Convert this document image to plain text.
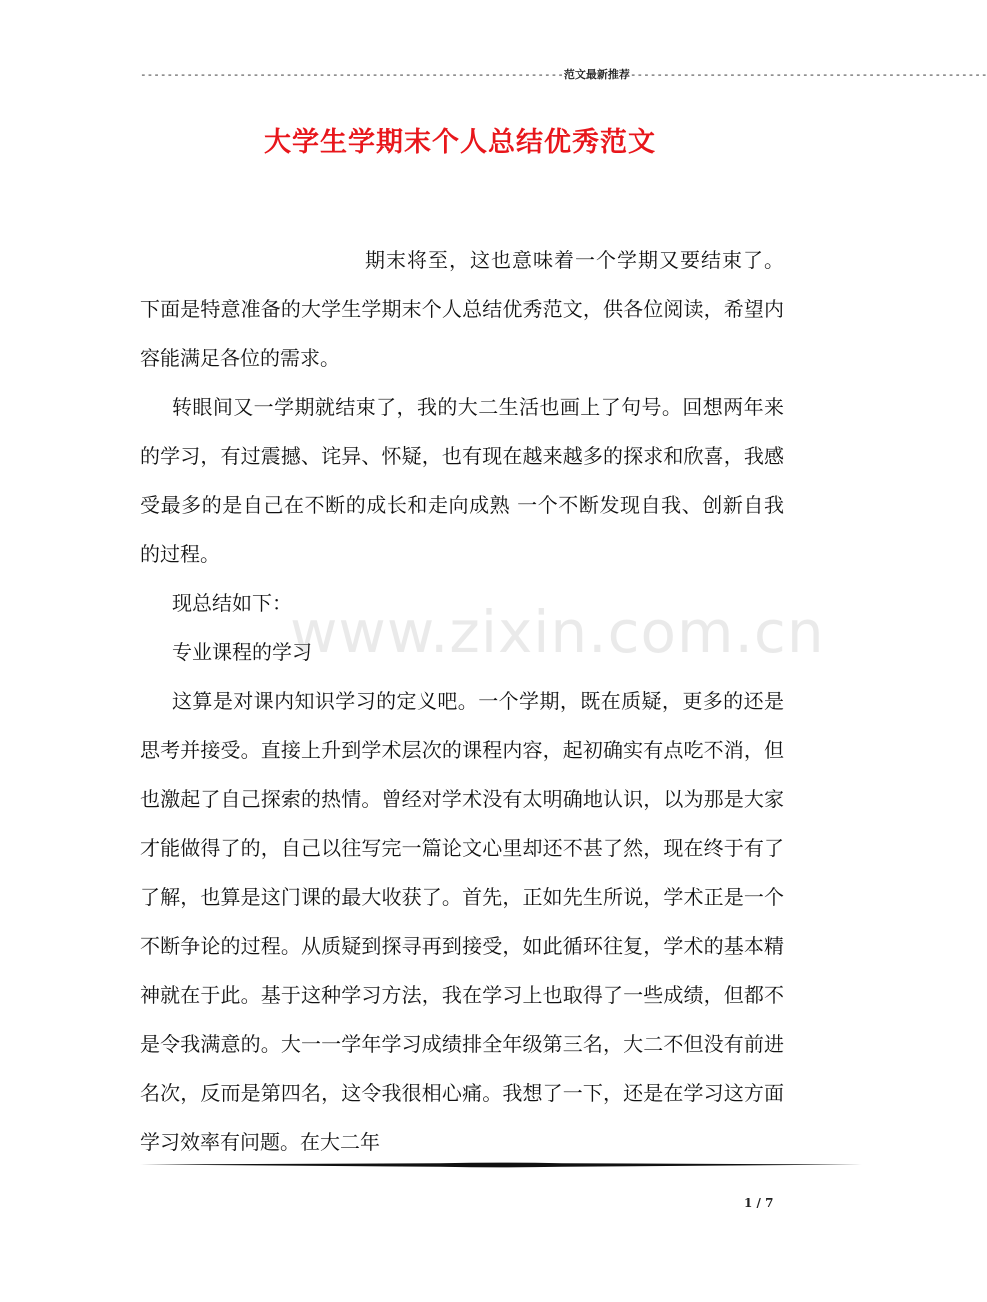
----------------------------------------------------------------范文最新推荐------------------------------------------------------
大学生学期末个人总结优秀范文

期末将至，这也意味着一个学期又要结束了。下面是特意准备的大学生学期末个人总结优秀范文，供各位阅读，希望内容能满足各位的需求。

转眼间又一学期就结束了，我的大二生活也画上了句号。回想两年来的学习，有过震撼、诧异、怀疑，也有现在越来越多的探求和欣喜，我感受最多的是自己在不断的成长和走向成熟 一个不断发现自我、创新自我的过程。

现总结如下：

专业课程的学习

这算是对课内知识学习的定义吧。一个学期，既在质疑，更多的还是思考并接受。直接上升到学术层次的课程内容，起初确实有点吃不消，但也激起了自己探索的热情。曾经对学术没有太明确地认识，以为那是大家才能做得了的，自己以往写完一篇论文心里却还不甚了然，现在终于有了了解，也算是这门课的最大收获了。首先，正如先生所说，学术正是一个不断争论的过程。从质疑到探寻再到接受，如此循环往复，学术的基本精神就在于此。基于这种学习方法，我在学习上也取得了一些成绩，但都不是令我满意的。大一一学年学习成绩排全年级第三名，大二不但没有前进名次，反而是第四名，这令我很相心痛。我想了一下，还是在学习这方面学习效率有问题。在大二年

www.zixin.com.cn
1 / 7
